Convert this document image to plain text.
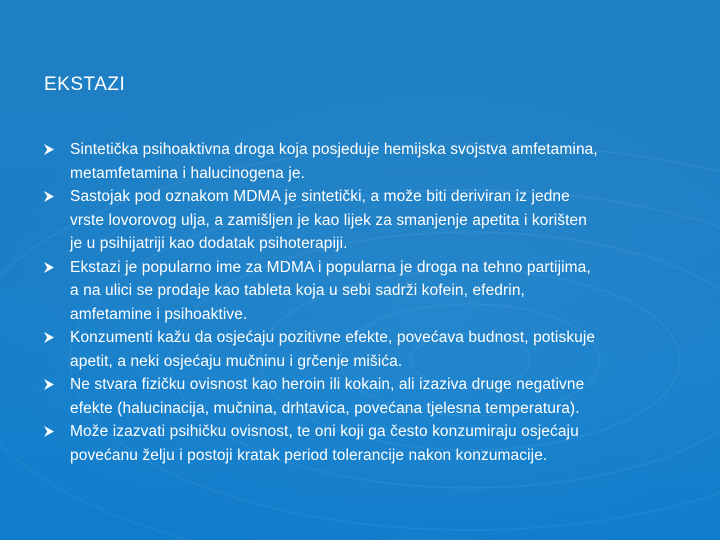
EKSTAZI
Sintetička psihoaktivna droga koja posjeduje hemijska svojstva amfetamina,
metamfetamina i halucinogena je.
Sastojak pod oznakom MDMA je sintetički, a može biti deriviran iz jedne
vrste lovorovog ulja, a zamišljen je kao lijek za smanjenje apetita i korišten
je u psihijatriji kao dodatak psihoterapiji.
Ekstazi je popularno ime za MDMA i popularna je droga na tehno partijima,
a na ulici se prodaje kao tableta koja u sebi sadrži kofein, efedrin,
amfetamine i psihoaktive.
Konzumenti kažu da osjećaju pozitivne efekte, povećava budnost, potiskuje
apetit, a neki osjećaju mučninu i grčenje mišića.
Ne stvara fizičku ovisnost kao heroin ili kokain, ali izaziva druge negativne
efekte (halucinacija, mučnina, drhtavica, povećana tjelesna temperatura).
Može izazvati psihičku ovisnost, te oni koji ga često konzumiraju osjećaju
povećanu želju i postoji kratak period tolerancije nakon konzumacije.
